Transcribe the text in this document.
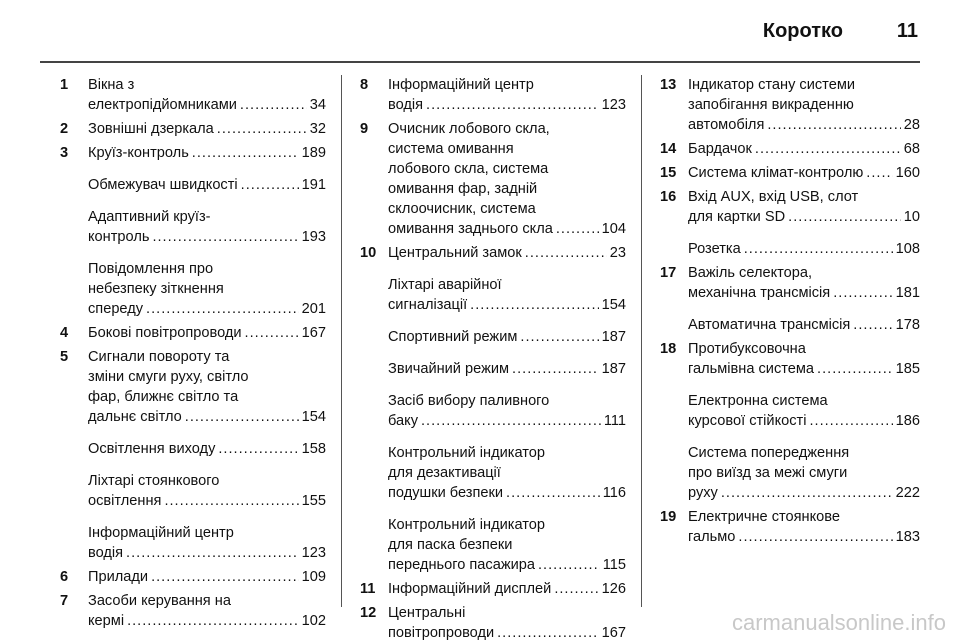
Коротко	11
1 Вікна з
електропідйомниками .....	34
2 Зовнішні дзеркала .....	32
3 Круїз-контроль .....	189
Обмежувач швидкості .....	191
Адаптивний круїз-
контроль .....	193
Повідомлення про
небезпеку зіткнення
спереду .....	201
4 Бокові повітропроводи .....	167
5 Сигнали повороту та
зміни смуги руху, світло
фар, ближнє світло та
дальнє світло .....	154
Освітлення виходу .....	158
Ліхтарі стоянкового
освітлення .....	155
Інформаційний центр
водія .....	123
6 Прилади .....	109
7 Засоби керування на
кермі .....	102
8 Інформаційний центр
водія .....	123
9 Очисник лобового скла,
система омивання
лобового скла, система
омивання фар, задній
склоочисник, система
омивання заднього скла .....	104
10 Центральний замок .....	23
Ліхтарі аварійної
сигналізації .....	154
Спортивний режим .....	187
Звичайний режим .....	187
Засіб вибору паливного
баку .....	111
Контрольний індикатор
для дезактивації
подушки безпеки .....	116
Контрольний індикатор
для паска безпеки
переднього пасажира .....	115
11 Інформаційний дисплей .....	126
12 Центральні
повітропроводи .....	167
13 Індикатор стану системи
запобігання викраденню
автомобіля .....	28
14 Бардачок .....	68
15 Система клімат-контролю ..... 160
16 Вхід AUX, вхід USB, слот
для картки SD .....	10
Розетка .....	108
17 Важіль селектора,
механічна трансмісія .....	181
Автоматична трансмісія .....	178
18 Протибуксовочна
гальмівна система .....	185
Електронна система
курсової стійкості .....	186
Система попередження
про виїзд за межі смуги
руху .....	222
19 Електричне стоянкове
гальмо .....	183
carmanualsonline.info
